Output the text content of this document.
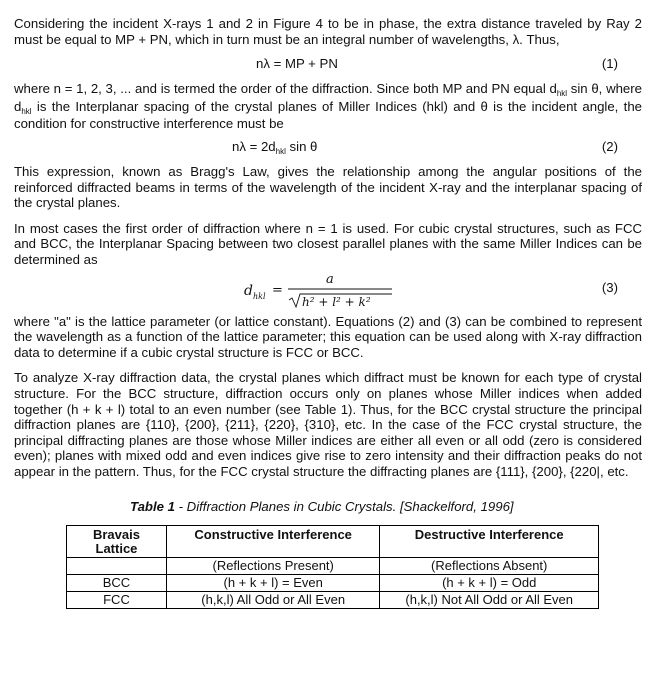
Considering the incident X-rays 1 and 2 in Figure 4 to be in phase, the extra distance traveled by Ray 2 must be equal to MP + PN, which in turn must be an integral number of wavelengths, λ. Thus,

nλ = MP + PN	(1)

where n = 1, 2, 3, ... and is termed the order of the diffraction. Since both MP and PN equal $d_{hkl}$ sin θ, where $d_{hkl}$ is the Interplanar spacing of the crystal planes of Miller Indices (hkl) and θ is the incident angle, the condition for constructive interference must be

$n\lambda = 2d_{hkl}$ sin θ	(2)

This expression, known as Bragg's Law, gives the relationship among the angular positions of the reinforced diffracted beams in terms of the wavelength of the incident X-ray and the interplanar spacing of the crystal planes.

In most cases the first order of diffraction where n = 1 is used. For cubic crystal structures, such as FCC and BCC, the Interplanar Spacing between two closest parallel planes with the same Miller Indices can be determined as

d hkl =
a
h² + l² + k²
(3)

where "a" is the lattice parameter (or lattice constant). Equations (2) and (3) can be combined to represent the wavelength as a function of the lattice parameter; this equation can be used along with X-ray diffraction data to determine if a cubic crystal structure is FCC or BCC.

To analyze X-ray diffraction data, the crystal planes which diffract must be known for each type of crystal structure. For the BCC structure, diffraction occurs only on planes whose Miller indices when added together (h + k + l) total to an even number (see Table 1). Thus, for the BCC crystal structure the principal diffraction planes are {110}, {200}, {211}, {220}, {310}, etc. In the case of the FCC crystal structure, the principal diffracting planes are those whose Miller indices are either all even or all odd (zero is considered even); planes with mixed odd and even indices give rise to zero intensity and their diffraction peaks do not appear in the pattern. Thus, for the FCC crystal structure the diffracting planes are {111}, {200}, {220|, etc.

Table 1 - Diffraction Planes in Cubic Crystals. [Shackelford, 1996]
Bravais Lattice	Constructive Interference	Destructive Interference
	(Reflections Present)	(Reflections Absent)
BCC	(h + k + l) = Even	(h + k + l) = Odd
FCC	(h,k,l) All Odd or All Even	(h,k,l) Not All Odd or All Even
